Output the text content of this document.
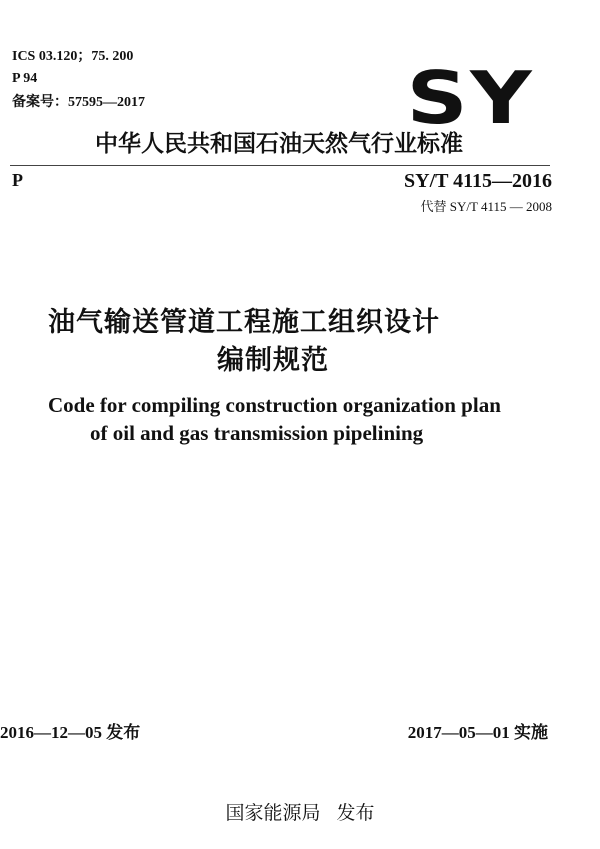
ICS 03.120；75. 200
P 94
备案号：57595—2017	SY
中华人民共和国石油天然气行业标准
P	SY/T 4115—2016
代替 SY/T 4115 — 2008
油气输送管道工程施工组织设计
编制规范
Code for compiling construction organization plan
of oil and gas transmission pipelining
2016—12—05 发布	2017—05—01 实施
国家能源局 发布
